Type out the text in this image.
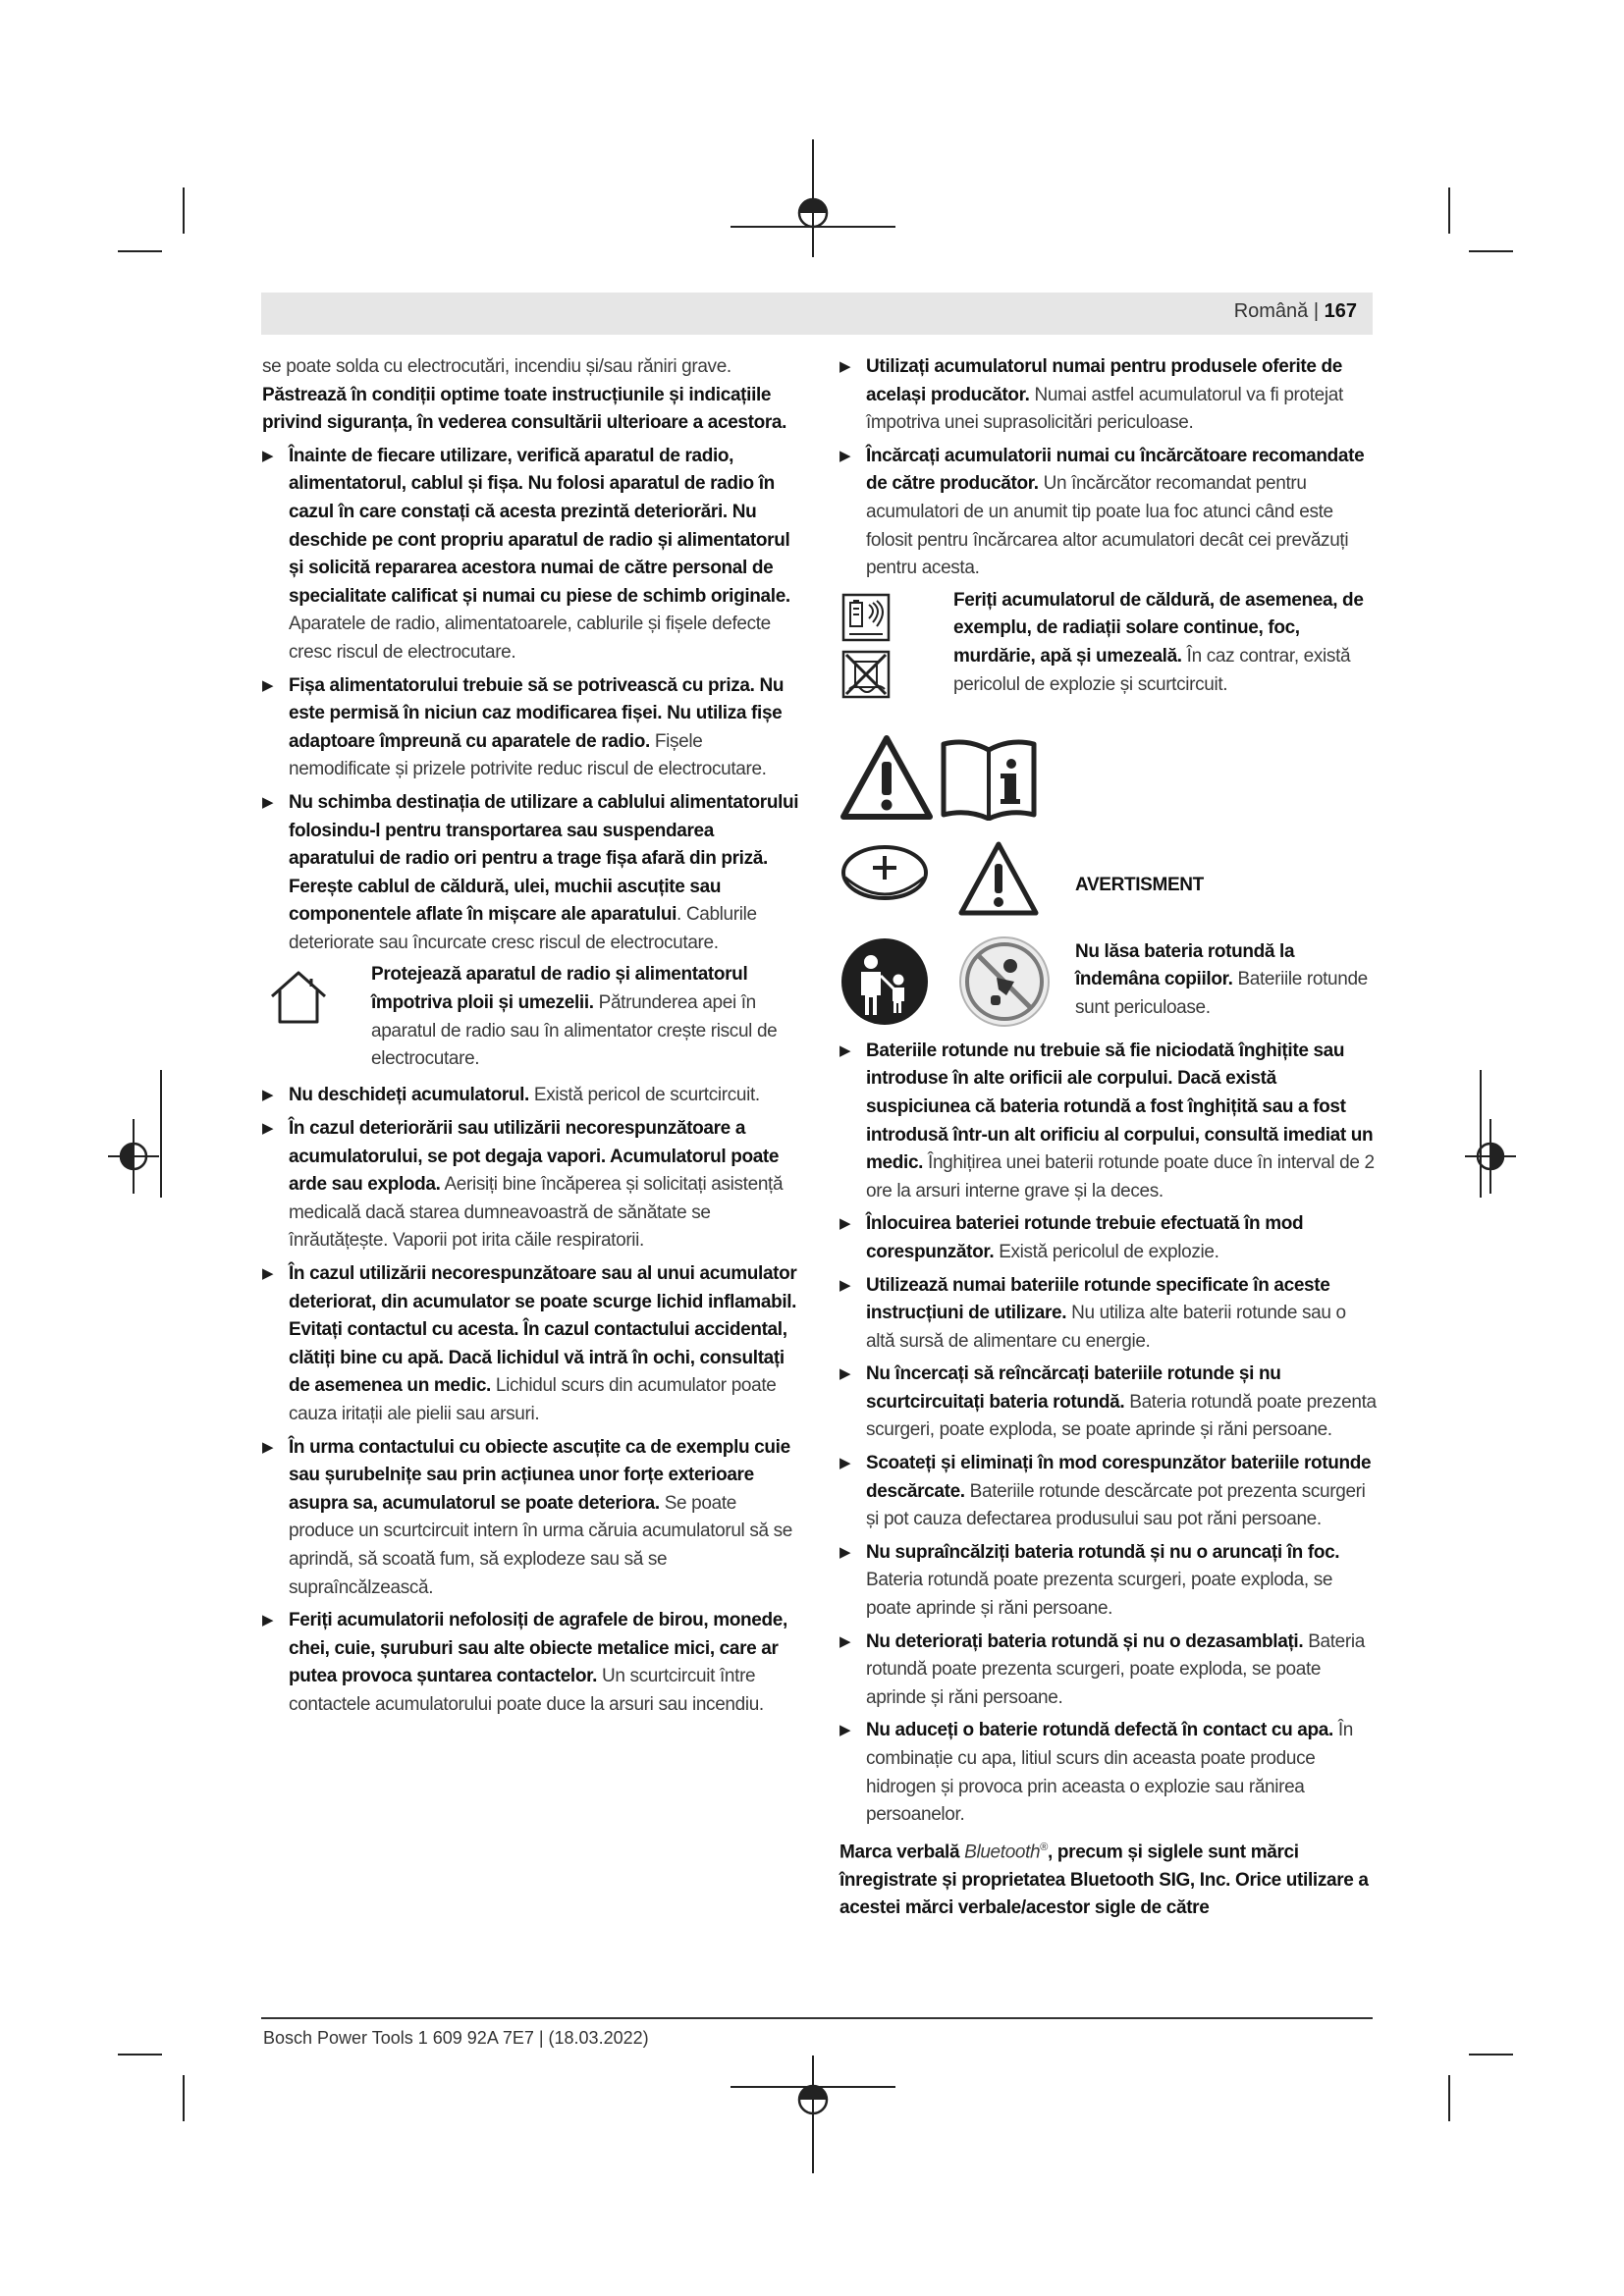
Română | 167

se poate solda cu electrocutări, incendiu și/sau răniri grave.

Păstrează în condiții optime toate instrucțiunile și indicațiile privind siguranța, în vederea consultării ulterioare a acestora.

▶ Înainte de fiecare utilizare, verifică aparatul de radio, alimentatorul, cablul și fișa. Nu folosi aparatul de radio în cazul în care constați că acesta prezintă deteriorări. Nu deschide pe cont propriu aparatul de radio și alimentatorul și solicită repararea acestora numai de către personal de specialitate calificat și numai cu piese de schimb originale. Aparatele de radio, alimentatoarele, cablurile și fișele defecte cresc riscul de electrocutare.

▶ Fișa alimentatorului trebuie să se potrivească cu priza. Nu este permisă în niciun caz modificarea fișei. Nu utiliza fișe adaptoare împreună cu aparatele de radio. Fișele nemodificate și prizele potrivite reduc riscul de electrocutare.

▶ Nu schimba destinația de utilizare a cablului alimentatorului folosindu-l pentru transportarea sau suspendarea aparatului de radio ori pentru a trage fișa afară din priză. Ferește cablul de căldură, ulei, muchii ascuțite sau componentele aflate în mișcare ale aparatului. Cablurile deteriorate sau încurcate cresc riscul de electrocutare.

Protejează aparatul de radio și alimentatorul împotriva ploii și umezelii. Pătrunderea apei în aparatul de radio sau în alimentator crește riscul de electrocutare.

▶ Nu deschideți acumulatorul. Există pericol de scurtcircuit.

▶ În cazul deteriorării sau utilizării necorespunzătoare a acumulatorului, se pot degaja vapori. Acumulatorul poate arde sau exploda. Aerisiți bine încăperea și solicitați asistență medicală dacă starea dumneavoastră de sănătate se înrăutățește. Vaporii pot irita căile respiratorii.

▶ În cazul utilizării necorespunzătoare sau al unui acumulator deteriorat, din acumulator se poate scurge lichid inflamabil. Evitați contactul cu acesta. În cazul contactului accidental, clătiți bine cu apă. Dacă lichidul vă intră în ochi, consultați de asemenea un medic. Lichidul scurs din acumulator poate cauza iritații ale pielii sau arsuri.

▶ În urma contactului cu obiecte ascuțite ca de exemplu cuie sau șurubelnițe sau prin acțiunea unor forțe exterioare asupra sa, acumulatorul se poate deteriora. Se poate produce un scurtcircuit intern în urma căruia acumulatorul să se aprindă, să scoată fum, să explodeze sau să se supraîncălzească.

▶ Feriți acumulatorii nefolosiți de agrafele de birou, monede, chei, cuie, șuruburi sau alte obiecte metalice mici, care ar putea provoca șuntarea contactelor. Un scurtcircuit între contactele acumulatorului poate duce la arsuri sau incendiu.

▶ Utilizați acumulatorul numai pentru produsele oferite de același producător. Numai astfel acumulatorul va fi protejat împotriva unei suprasolicitări periculoase.

▶ Încărcați acumulatorii numai cu încărcătoare recomandate de către producător. Un încărcător recomandat pentru acumulatori de un anumit tip poate lua foc atunci când este folosit pentru încărcarea altor acumulatori decât cei prevăzuți pentru acesta.

Feriți acumulatorul de căldură, de asemenea, de exemplu, de radiații solare continue, foc, murdărie, apă și umezeală. În caz contrar, există pericolul de explozie și scurtcircuit.

AVERTISMENT

Nu lăsa bateria rotundă la îndemâna copiilor. Bateriile rotunde sunt periculoase.

▶ Bateriile rotunde nu trebuie să fie niciodată înghițite sau introduse în alte orificii ale corpului. Dacă există suspiciunea că bateria rotundă a fost înghițită sau a fost introdusă într-un alt orificiu al corpului, consultă imediat un medic. Înghițirea unei baterii rotunde poate duce în interval de 2 ore la arsuri interne grave și la deces.

▶ Înlocuirea bateriei rotunde trebuie efectuată în mod corespunzător. Există pericolul de explozie.

▶ Utilizează numai bateriile rotunde specificate în aceste instrucțiuni de utilizare. Nu utiliza alte baterii rotunde sau o altă sursă de alimentare cu energie.

▶ Nu încercați să reîncărcați bateriile rotunde și nu scurtcircuitați bateria rotundă. Bateria rotundă poate prezenta scurgeri, poate exploda, se poate aprinde și răni persoane.

▶ Scoateți și eliminați în mod corespunzător bateriile rotunde descărcate. Bateriile rotunde descărcate pot prezenta scurgeri și pot cauza defectarea produsului sau pot răni persoane.

▶ Nu supraîncălziți bateria rotundă și nu o aruncați în foc. Bateria rotundă poate prezenta scurgeri, poate exploda, se poate aprinde și răni persoane.

▶ Nu deteriorați bateria rotundă și nu o dezasamblați. Bateria rotundă poate prezenta scurgeri, poate exploda, se poate aprinde și răni persoane.

▶ Nu aduceți o baterie rotundă defectă în contact cu apa. În combinație cu apa, litiul scurs din aceasta poate produce hidrogen și provoca prin aceasta o explozie sau rănirea persoanelor.

Marca verbală Bluetooth®, precum și siglele sunt mărci înregistrate și proprietatea Bluetooth SIG, Inc. Orice utilizare a acestei mărci verbale/acestor sigle de către

Bosch Power Tools 1 609 92A 7E7 | (18.03.2022)
